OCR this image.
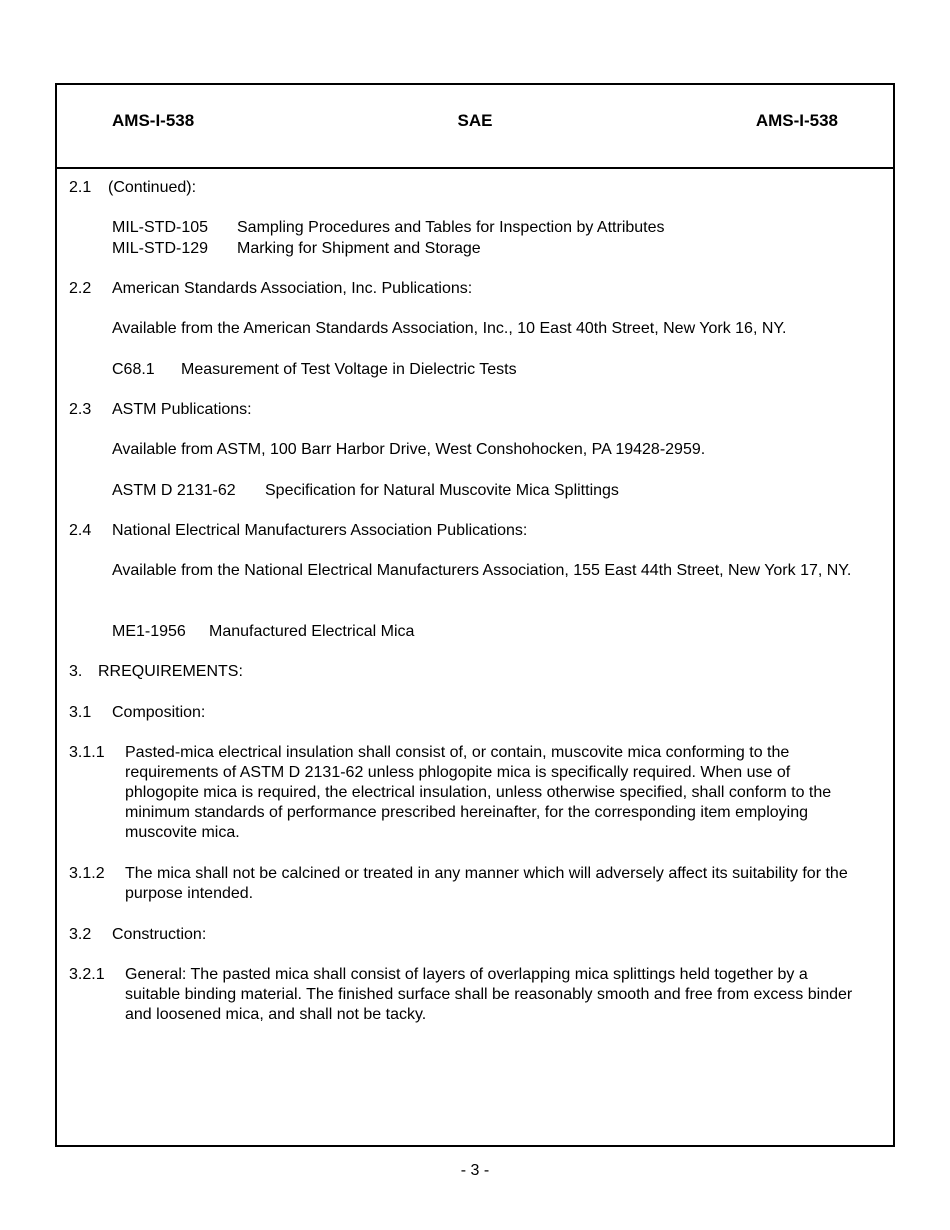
AMS-I-538	SAE	AMS-I-538
2.1 (Continued):
MIL-STD-105 Sampling Procedures and Tables for Inspection by Attributes
MIL-STD-129 Marking for Shipment and Storage
2.2 American Standards Association, Inc. Publications:
Available from the American Standards Association, Inc., 10 East 40th Street, New York 16, NY.
C68.1 Measurement of Test Voltage in Dielectric Tests
2.3 ASTM Publications:
Available from ASTM, 100 Barr Harbor Drive, West Conshohocken, PA 19428-2959.
ASTM D 2131-62 Specification for Natural Muscovite Mica Splittings
2.4 National Electrical Manufacturers Association Publications:
Available from the National Electrical Manufacturers Association, 155 East 44th Street, New York 17, NY.
ME1-1956 Manufactured Electrical Mica
3. RREQUIREMENTS:
3.1 Composition:
3.1.1 Pasted-mica electrical insulation shall consist of, or contain, muscovite mica conforming to the requirements of ASTM D 2131-62 unless phlogopite mica is specifically required. When use of phlogopite mica is required, the electrical insulation, unless otherwise specified, shall conform to the minimum standards of performance prescribed hereinafter, for the corresponding item employing muscovite mica.
3.1.2 The mica shall not be calcined or treated in any manner which will adversely affect its suitability for the purpose intended.
3.2 Construction:
3.2.1 General: The pasted mica shall consist of layers of overlapping mica splittings held together by a suitable binding material. The finished surface shall be reasonably smooth and free from excess binder and loosened mica, and shall not be tacky.
- 3 -
